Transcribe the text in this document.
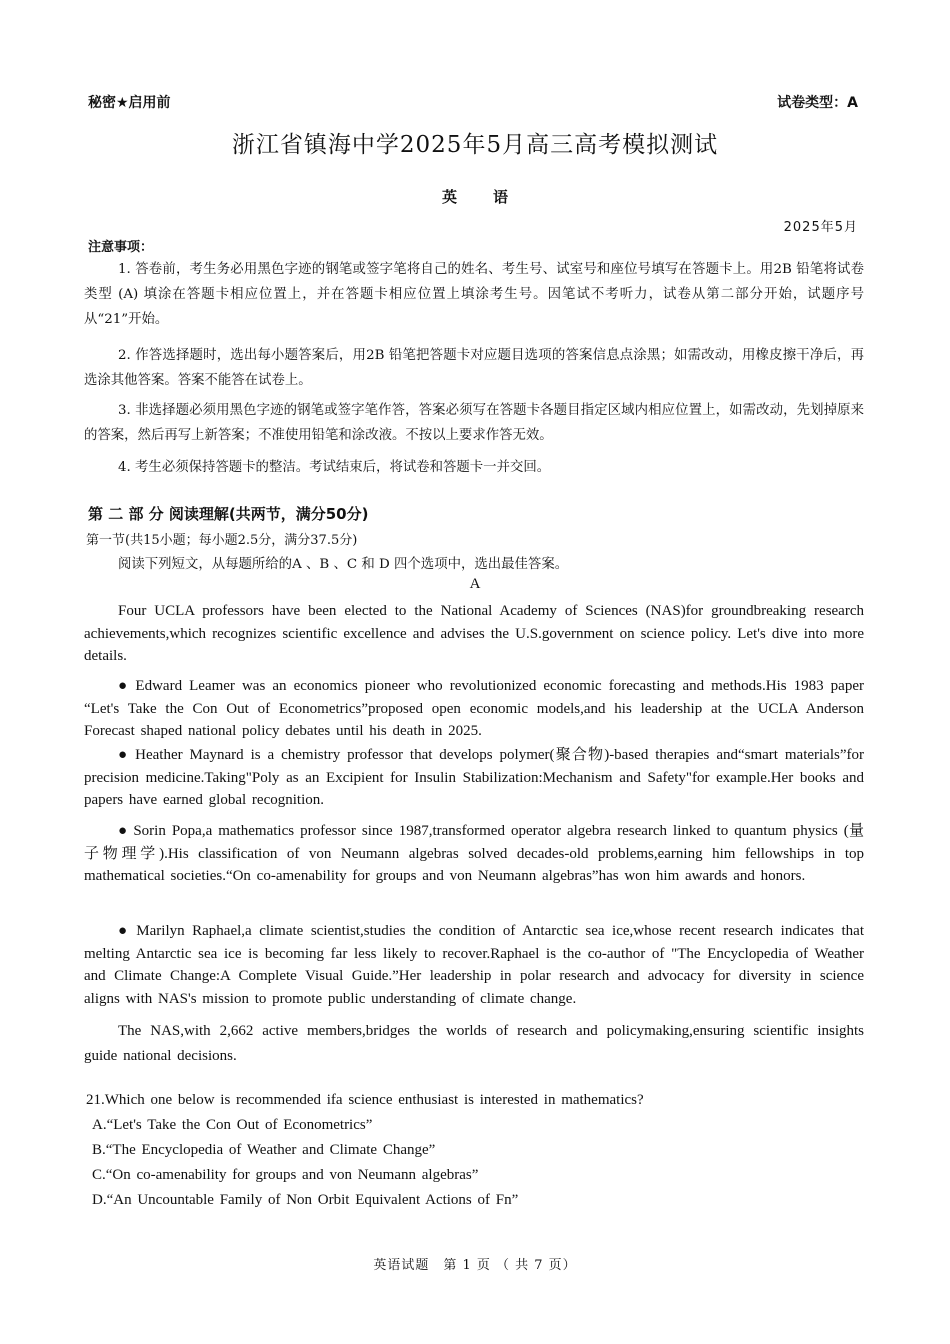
秘密★启用前	试卷类型：A
浙江省镇海中学2025年5月高三高考模拟测试
英语
2025年5月
注意事项：
1. 答卷前，考生务必用黑色字迹的钢笔或签字笔将自己的姓名、考生号、试室号和座位号填写在答题卡上。用2B 铅笔将试卷类型 (A) 填涂在答题卡相应位置上，并在答题卡相应位置上填涂考生号。因笔试不考听力，试卷从第二部分开始，试题序号从“21”开始。
2. 作答选择题时，选出每小题答案后，用2B 铅笔把答题卡对应题目选项的答案信息点涂黑；如需改动，用橡皮擦干净后，再选涂其他答案。答案不能答在试卷上。
3. 非选择题必须用黑色字迹的钢笔或签字笔作答，答案必须写在答题卡各题目指定区域内相应位置上，如需改动，先划掉原来的答案，然后再写上新答案；不准使用铅笔和涂改液。不按以上要求作答无效。
4. 考生必须保持答题卡的整洁。考试结束后，将试卷和答题卡一并交回。
第 二 部 分 阅读理解(共两节，满分50分)
第一节(共15小题；每小题2.5分，满分37.5分)
阅读下列短文，从每题所给的A 、B 、C 和 D 四个选项中，选出最佳答案。
A
Four UCLA professors have been elected to the National Academy of Sciences (NAS)for groundbreaking research achievements,which recognizes scientific excellence and advises the U.S.government on science policy. Let's dive into more details.
● Edward Leamer was an economics pioneer who revolutionized economic forecasting and methods.His 1983 paper “Let's Take the Con Out of Econometrics”proposed open economic models,and his leadership at the UCLA Anderson Forecast shaped national policy debates until his death in 2025.
● Heather Maynard is a chemistry professor that develops polymer(聚合物)-based therapies and“smart materials”for precision medicine.Taking"Poly as an Excipient for Insulin Stabilization:Mechanism and Safety"for example.Her books and papers have earned global recognition.
● Sorin Popa,a mathematics professor since 1987,transformed operator algebra research linked to quantum physics (量子物理学).His classification of von Neumann algebras solved decades-old problems,earning him fellowships in top mathematical societies.“On co-amenability for groups and von Neumann algebras”has won him awards and honors.
● Marilyn Raphael,a climate scientist,studies the condition of Antarctic sea ice,whose recent research indicates that melting Antarctic sea ice is becoming far less likely to recover.Raphael is the co-author of "The Encyclopedia of Weather and Climate Change:A Complete Visual Guide.”Her leadership in polar research and advocacy for diversity in science aligns with NAS's mission to promote public understanding of climate change.
The NAS,with 2,662 active members,bridges the worlds of research and policymaking,ensuring scientific insights guide national decisions.
21.Which one below is recommended ifa science enthusiast is interested in mathematics?
A.“Let's Take the Con Out of Econometrics”
B.“The Encyclopedia of Weather and Climate Change”
C.“On co-amenability for groups and von Neumann algebras”
D.“An Uncountable Family of Non Orbit Equivalent Actions of Fn”
英语试题　第 1 页 （ 共 7 页）
